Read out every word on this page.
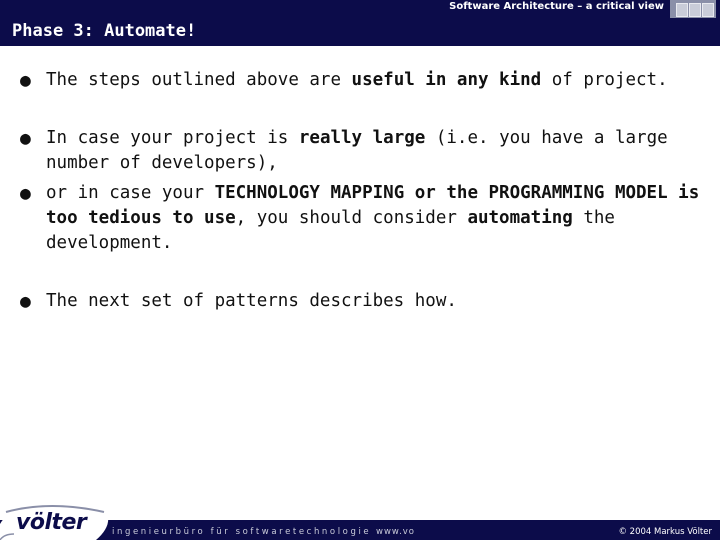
Software Architecture – a critical view
Phase 3: Automate!
● The steps outlined above are useful in any kind of project.
● In case your project is really large (i.e. you have a large number of developers),
● or in case your TECHNOLOGY MAPPING or the PROGRAMMING MODEL is too tedious to use, you should consider automating the development.
● The next set of patterns describes how.
ingenieurbüro für softwaretechnologie www.vo	© 2004 Markus Völter
völter
